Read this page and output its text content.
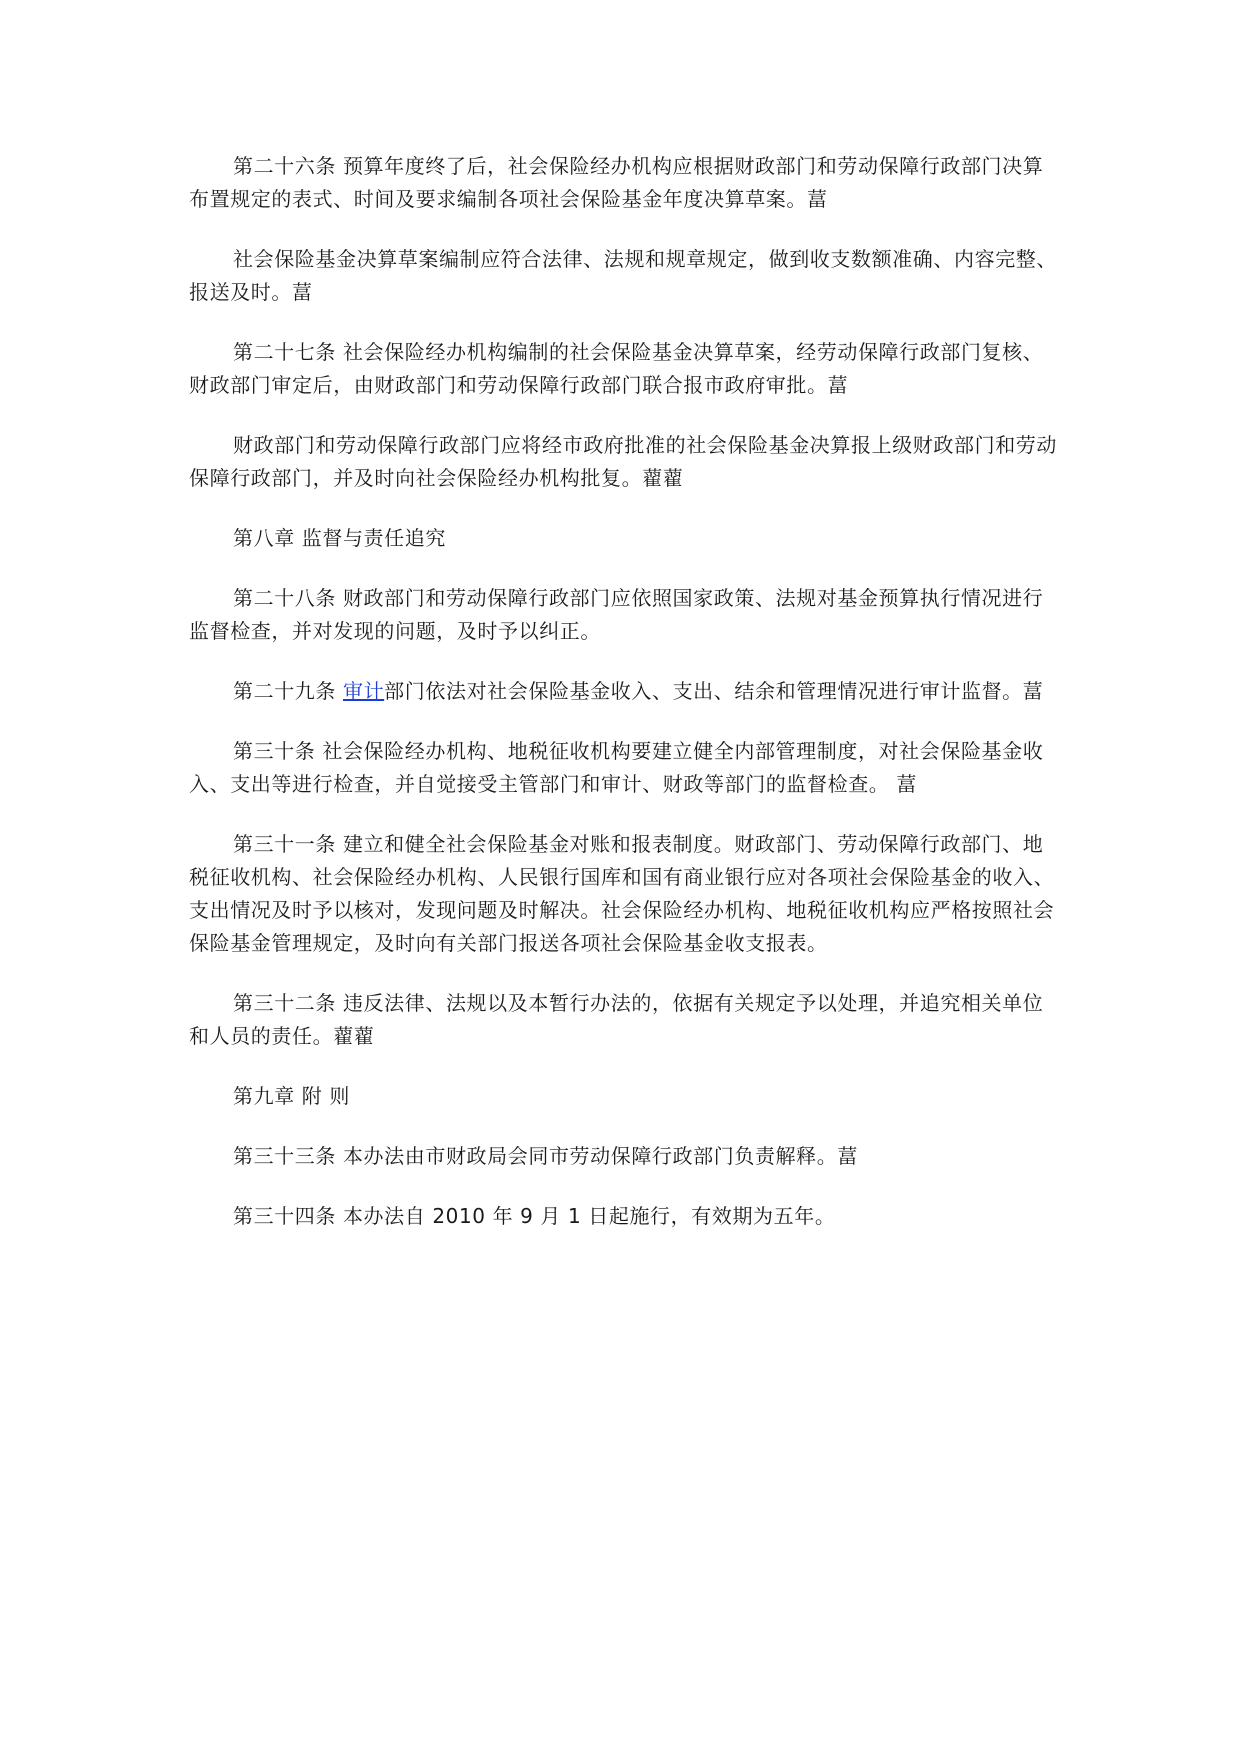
第二十六条 预算年度终了后，社会保险经办机构应根据财政部门和劳动保障行政部门决算布置规定的表式、时间及要求编制各项社会保险基金年度决算草案。葍

社会保险基金决算草案编制应符合法律、法规和规章规定，做到收支数额准确、内容完整、报送及时。葍

第二十七条 社会保险经办机构编制的社会保险基金决算草案，经劳动保障行政部门复核、财政部门审定后，由财政部门和劳动保障行政部门联合报市政府审批。葍

财政部门和劳动保障行政部门应将经市政府批准的社会保险基金决算报上级财政部门和劳动保障行政部门，并及时向社会保险经办机构批复。藋藋

第八章 监督与责任追究

第二十八条 财政部门和劳动保障行政部门应依照国家政策、法规对基金预算执行情况进行监督检查，并对发现的问题，及时予以纠正。

第二十九条 审计部门依法对社会保险基金收入、支出、结余和管理情况进行审计监督。葍

第三十条 社会保险经办机构、地税征收机构要建立健全内部管理制度，对社会保险基金收入、支出等进行检查，并自觉接受主管部门和审计、财政等部门的监督检查。 葍

第三十一条 建立和健全社会保险基金对账和报表制度。财政部门、劳动保障行政部门、地税征收机构、社会保险经办机构、人民银行国库和国有商业银行应对各项社会保险基金的收入、支出情况及时予以核对，发现问题及时解决。社会保险经办机构、地税征收机构应严格按照社会保险基金管理规定，及时向有关部门报送各项社会保险基金收支报表。

第三十二条 违反法律、法规以及本暂行办法的，依据有关规定予以处理，并追究相关单位和人员的责任。藋藋

第九章 附 则

第三十三条 本办法由市财政局会同市劳动保障行政部门负责解释。葍

第三十四条 本办法自 2010 年 9 月 1 日起施行，有效期为五年。
